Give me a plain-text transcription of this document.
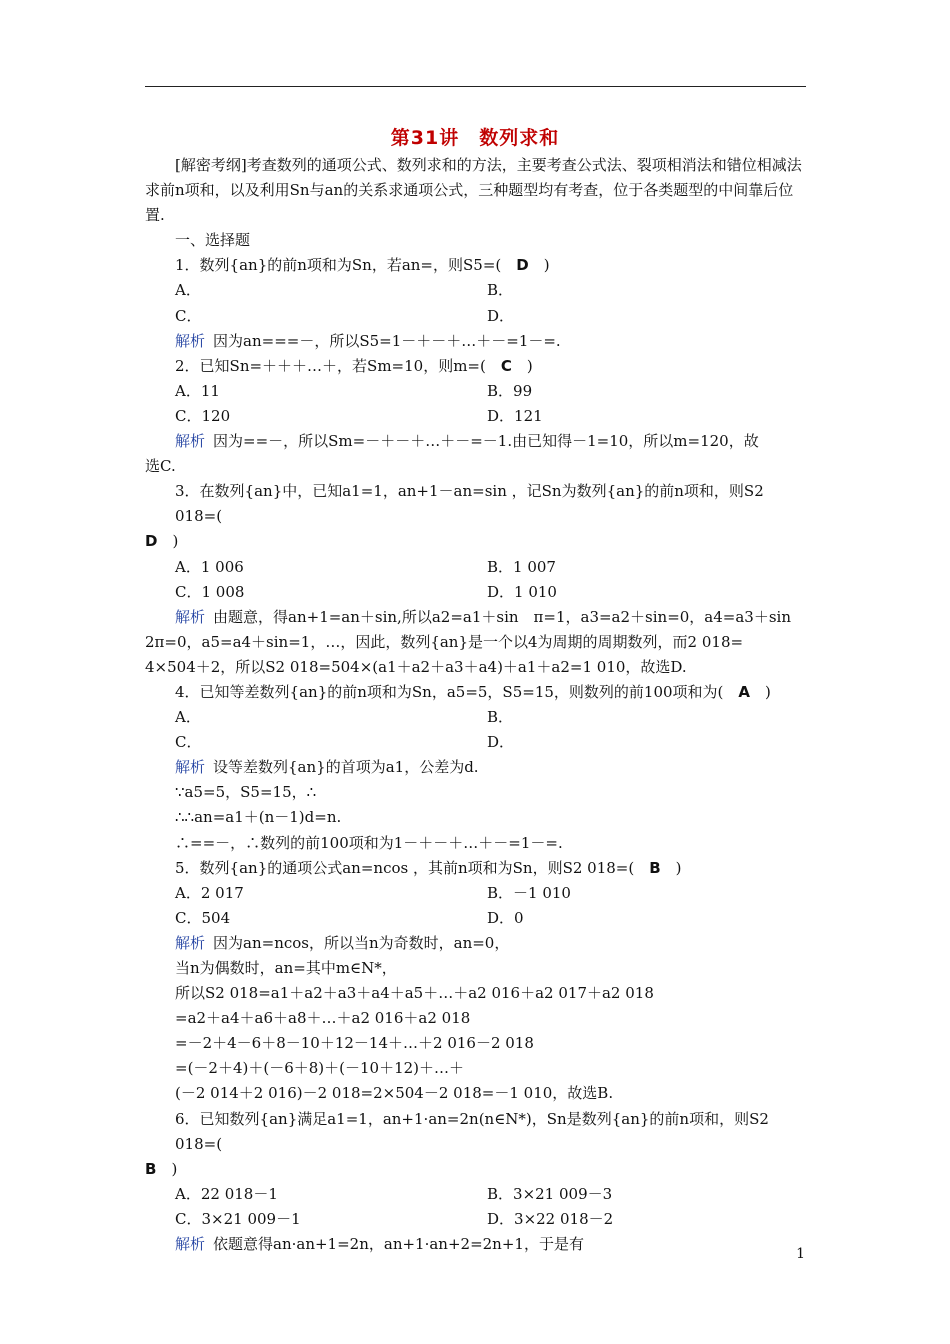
第31讲　数列求和

[解密考纲]考查数列的通项公式、数列求和的方法，主要考查公式法、裂项相消法和错位相减法求前n项和，以及利用Sn与an的关系求通项公式，三种题型均有考查，位于各类题型的中间靠后位置.

一、选择题

1．数列{an}的前n项和为Sn，若an=，则S5=(　 D　 )

A．	B．
C．	D．

解析 因为an===－，所以S5=1－＋－＋…＋－=1－=.

2．已知Sn=＋＋＋…＋，若Sm=10，则m=(　 C　 )

A．11	B．99
C．120	D．121

解析 因为==－，所以Sm=－＋－＋…＋－=－1.由已知得－1=10，所以m=120，故

选C.

3．在数列{an}中，已知a1=1，an+1－an=sin ，记Sn为数列{an}的前n项和，则S2 018=(

D　 )

A．1 006	B．1 007
C．1 008	D．1 010

解析 由题意，得an+1=an＋sin,所以a2=a1＋sin　π=1，a3=a2＋sin=0，a4=a3＋sin

2π=0，a5=a4＋sin=1，…，因此，数列{an}是一个以4为周期的周期数列，而2 018=

4×504＋2，所以S2 018=504×(a1＋a2＋a3＋a4)＋a1＋a2=1 010，故选D.

4．已知等差数列{an}的前n项和为Sn，a5=5，S5=15，则数列的前100项和为(　 A　 )

A．	B．
C．	D．

解析 设等差数列{an}的首项为a1，公差为d.

∵a5=5，S5=15，∴

∴∴an=a1＋(n－1)d=n.

∴==－，∴数列的前100项和为1－＋－＋…＋－=1－=.

5．数列{an}的通项公式an=ncos ，其前n项和为Sn，则S2 018=(　 B　 )

A．2 017	B．－1 010
C．504	D．0

解析 因为an=ncos，所以当n为奇数时，an=0，

当n为偶数时，an=其中m∈N*，

所以S2 018=a1＋a2＋a3＋a4＋a5＋…＋a2 016＋a2 017＋a2 018

=a2＋a4＋a6＋a8＋…＋a2 016＋a2 018

=－2＋4－6＋8－10＋12－14＋…＋2 016－2 018

=(－2＋4)＋(－6＋8)＋(－10＋12)＋…＋

(－2 014＋2 016)－2 018=2×504－2 018=－1 010，故选B.

6．已知数列{an}满足a1=1，an+1·an=2n(n∈N*)，Sn是数列{an}的前n项和，则S2 018=(

B　 )

A．22 018－1	B．3×21 009－3
C．3×21 009－1	D．3×22 018－2

解析 依题意得an·an+1=2n，an+1·an+2=2n+1，于是有

1
